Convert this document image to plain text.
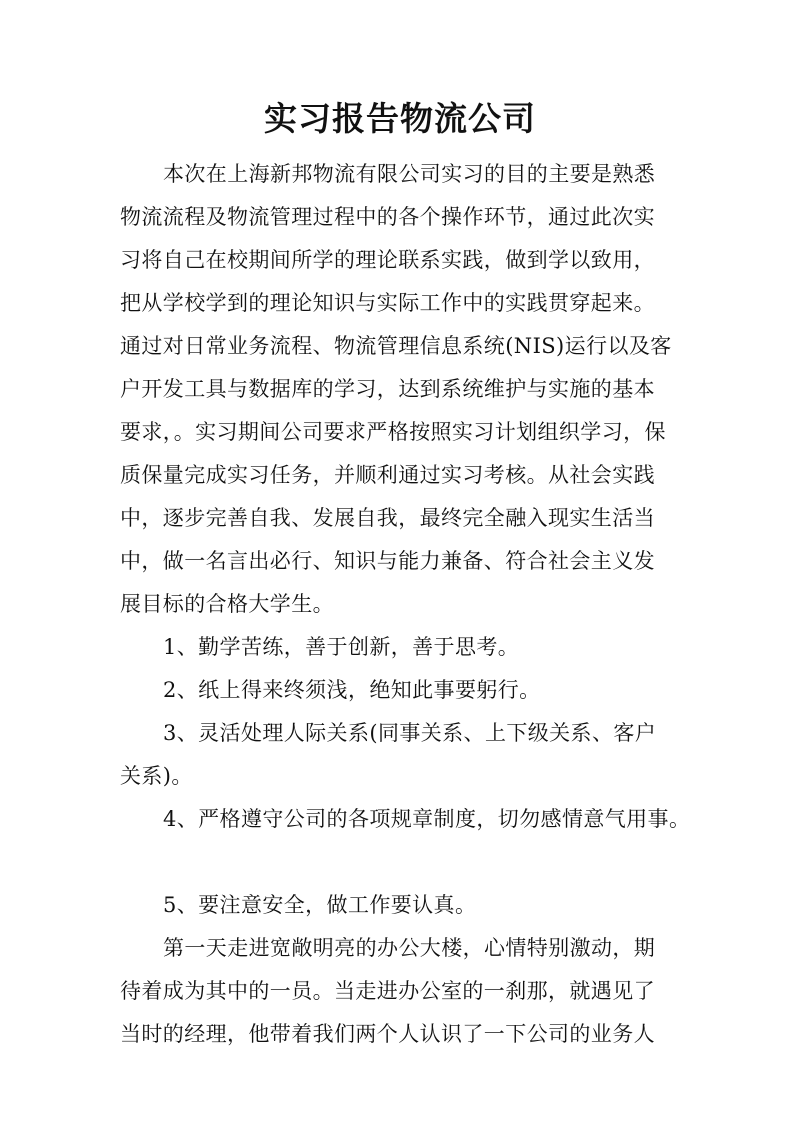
实习报告物流公司
本次在上海新邦物流有限公司实习的目的主要是熟悉
物流流程及物流管理过程中的各个操作环节，通过此次实
习将自己在校期间所学的理论联系实践，做到学以致用，
把从学校学到的理论知识与实际工作中的实践贯穿起来。
通过对日常业务流程、物流管理信息系统(NIS)运行以及客
户开发工具与数据库的学习，达到系统维护与实施的基本
要求，。实习期间公司要求严格按照实习计划组织学习，保
质保量完成实习任务，并顺利通过实习考核。从社会实践
中，逐步完善自我、发展自我，最终完全融入现实生活当
中，做一名言出必行、知识与能力兼备、符合社会主义发
展目标的合格大学生。
1、勤学苦练，善于创新，善于思考。
2、纸上得来终须浅，绝知此事要躬行。
3、灵活处理人际关系(同事关系、上下级关系、客户
关系)。
4、严格遵守公司的各项规章制度，切勿感情意气用事。
5、要注意安全，做工作要认真。
第一天走进宽敞明亮的办公大楼，心情特别激动，期
待着成为其中的一员。当走进办公室的一刹那，就遇见了
当时的经理，他带着我们两个人认识了一下公司的业务人
